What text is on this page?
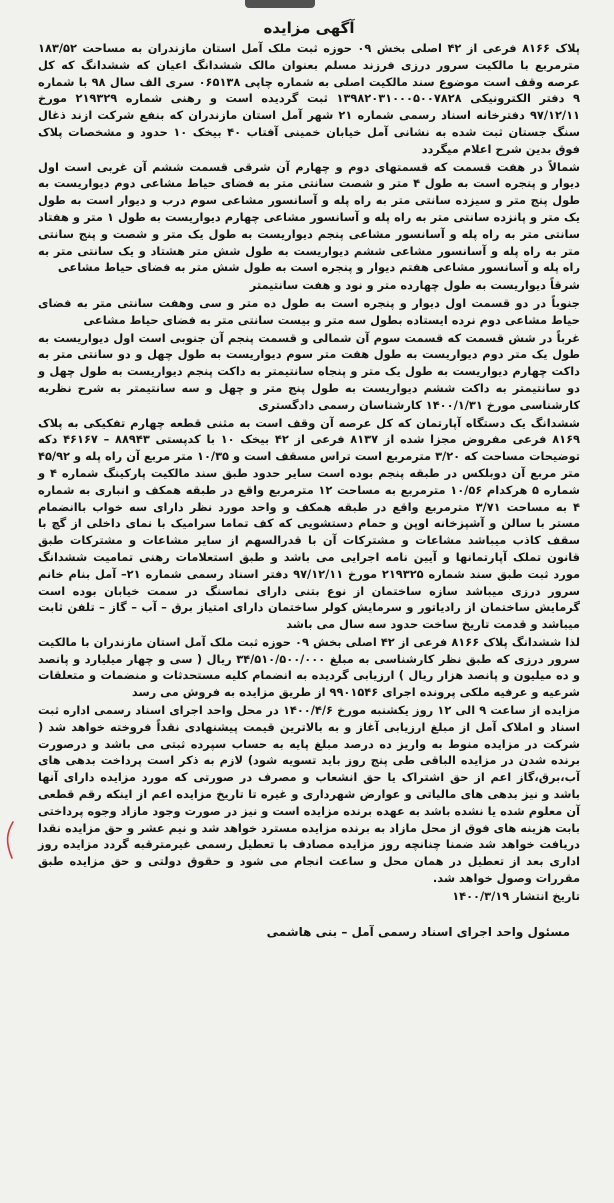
آگهی مزایده

پلاک ۸۱۶۶ فرعی از ۴۲ اصلی بخش ۰۹ حوزه ثبت ملک آمل استان مازندران به مساحت ۱۸۳/۵۲ مترمربع با مالکیت سرور درزی فرزند مسلم بعنوان مالک ششدانگ اعیان که ششدانگ که کل عرصه وقف است موضوع سند مالکیت اصلی به شماره چاپی ۰۶۵۱۳۸ سری الف سال ۹۸ با شماره ۹ دفتر الکترونیکی ۱۳۹۸۲۰۳۱۰۰۰۵۰۰۷۸۲۸ ثبت گردیده است و رهنی شماره ۲۱۹۳۲۹ مورخ ۹۷/۱۲/۱۱ دفترخانه اسناد رسمی شماره ۲۱ شهر آمل استان مازندران که بنفع شرکت ازند ذغال سنگ جستان ثبت شده به نشانی آمل خیابان خمینی آفتاب ۴۰ بیخک ۱۰ حدود و مشخصات پلاک فوق بدین شرح اعلام میگردد

شمالاً در هفت قسمت که قسمتهای دوم و چهارم آن شرقی قسمت ششم آن غربی است اول دیوار و پنجره است به طول ۴ متر و شصت سانتی متر به فضای حیاط مشاعی دوم دیواریست به طول پنج متر و سیزده سانتی متر به راه پله و آسانسور مشاعی سوم درب و دیوار است به طول یک متر و پانزده سانتی متر به راه پله و آسانسور مشاعی چهارم دیواریست به طول ۱ متر و هفتاد سانتی متر به راه پله و آسانسور مشاعی پنجم دیواریست به طول یک متر و شصت و پنج سانتی متر به راه پله و آسانسور مشاعی ششم دیواریست به طول شش متر هشتاد و یک سانتی متر به راه پله و آسانسور مشاعی هفتم دیوار و پنجره است به طول شش متر به فضای حیاط مشاعی

شرقاً دیواریست به طول چهارده متر و نود و هفت سانتیمتر

جنوباً در دو قسمت اول دیوار و پنجره است به طول ده متر و سی وهفت سانتی متر به فضای حیاط مشاعی دوم نرده ایستاده بطول سه متر و بیست سانتی متر به فضای حیاط مشاعی

غرباً در شش قسمت که قسمت سوم آن شمالی و قسمت پنجم آن جنوبی است اول دیواریست به طول یک متر دوم دیواریست به طول هفت متر سوم دیواریست به طول چهل و دو سانتی متر به داکت چهارم دیواریست به طول یک متر و پنجاه سانتیمتر به داکت پنجم دیواریست به طول چهل و دو سانتیمتر به داکت ششم دیواریست به طول پنج متر و چهل و سه سانتیمتر به شرح نظریه کارشناسی مورخ ۱۴۰۰/۱/۳۱ کارشناسان رسمی دادگستری

ششدانگ یک دستگاه آپارتمان که کل عرصه آن وقف است به مثنی قطعه چهارم تفکیکی به پلاک ۸۱۶۹ فرعی مفروض مجزا شده از ۸۱۳۷ فرعی از ۴۲ بیخک ۱۰ با کدپستی ۸۸۹۴۳ – ۴۶۱۶۷ دکه توضیحات مساحت که ۳/۲۰ مترمربع است تراس مسقف است و ۱۰/۳۵ متر مربع آن راه پله و ۴۵/۹۲ متر مربع آن دوبلکس در طبقه پنجم بوده است سایر حدود طبق سند مالکیت پارکینگ شماره ۴ و شماره ۵ هرکدام ۱۰/۵۶ مترمربع به مساحت ۱۲ مترمربع واقع در طبقه همکف و انباری به شماره ۴ به مساحت ۳/۷۱ مترمربع واقع در طبقه همکف و واحد مورد نظر دارای سه خواب باانضمام مستر با سالن و آشپزخانه اوپن و حمام دستشویی که کف تماما سرامیک با نمای داخلی از گچ با سقف کاذب میباشد مشاعات و مشترکات آن با قدرالسهم از سایر مشاعات و مشترکات طبق قانون تملک آپارتمانها و آیین نامه اجرایی می باشد و طبق استعلامات رهنی تمامیت ششدانگ مورد ثبت طبق سند شماره ۲۱۹۳۲۵ مورخ ۹۷/۱۲/۱۱ دفتر اسناد رسمی شماره ۲۱– آمل بنام خانم سرور درزی میباشد سازه ساختمان از نوع بتنی دارای نماسنگ در سمت خیابان بوده است گرمایش ساختمان از رادیاتور و سرمایش کولر ساختمان دارای امتیاز برق – آب – گاز – تلفن ثابت میباشد و قدمت تاریخ ساخت حدود سه سال می باشد

لذا ششدانگ پلاک ۸۱۶۶ فرعی از ۴۲ اصلی بخش ۰۹ حوزه ثبت ملک آمل استان مازندران با مالکیت سرور درزی که طبق نظر کارشناسی به مبلغ ۳۴/۵۱۰/۵۰۰/۰۰۰ ریال ( سی و چهار میلیارد و پانصد و ده میلیون و پانصد هزار ریال ) ارزیابی گردیده به انضمام کلیه مستحدثات و منضمات و متعلقات شرعیه و عرفیه ملکی پرونده اجرای ۹۹۰۱۵۴۶ از طریق مزایده به فروش می رسد

مزایده از ساعت ۹ الی ۱۲ روز یکشنبه مورخ ۱۴۰۰/۴/۶ در محل واحد اجرای اسناد رسمی اداره ثبت اسناد و املاک آمل از مبلغ ارزیابی آغاز و به بالاترین قیمت پیشنهادی نقداً فروخته خواهد شد ( شرکت در مزایده منوط به واریز ده درصد مبلغ پایه به حساب سپرده ثبتی می باشد و درصورت برنده شدن در مزایده الباقی طی پنج روز باید تسویه شود) لازم به ذکر است پرداخت بدهی های آب،برق،گاز اعم از حق اشتراک یا حق انشعاب و مصرف در صورتی که مورد مزایده دارای آنها باشد و نیز بدهی های مالیاتی و عوارض شهرداری و غیره تا تاریخ مزایده اعم از اینکه رقم قطعی آن معلوم شده یا نشده باشد به عهده برنده مزایده است و نیز در صورت وجود مازاد وجوه پرداختی بابت هزینه های فوق از محل مازاد به برنده مزایده مسترد خواهد شد و نیم عشر و حق مزایده نقدا دریافت خواهد شد ضمنا چنانچه روز مزایده مصادف با تعطیل رسمی غیرمترقبه گردد مزایده روز اداری بعد از تعطیل در همان محل و ساعت انجام می شود و حقوق دولتی و حق مزایده طبق مقررات وصول خواهد شد.

تاریخ انتشار ۱۴۰۰/۳/۱۹

مسئول واحد اجرای اسناد رسمی آمل – بنی هاشمی
